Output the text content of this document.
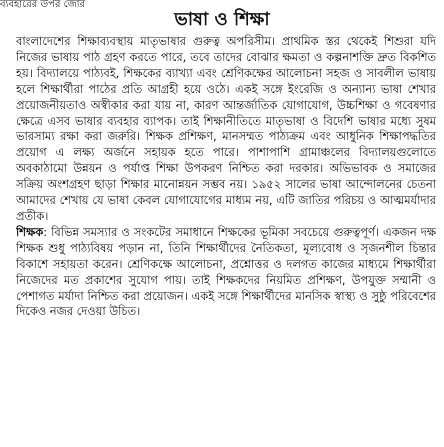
ব্যবহারের উপর জোর
ভাষা ও শিক্ষা

বাংলাদেশের শিক্ষাব্যবস্থায় মাতৃভাষার গুরুত্ব অপরিসীম। প্রাথমিক স্তর থেকেই শিশুরা যদি নিজের ভাষায় পাঠ গ্রহণ করতে পারে, তবে তাদের বোঝার ক্ষমতা ও কল্পনাশক্তি দ্রুত বিকশিত হয়। বিদ্যালয়ে পাঠ্যবই, শিক্ষকের ব্যাখ্যা এবং শ্রেণিকক্ষের আলোচনা সহজ ও সাবলীল ভাষায় হলে শিক্ষার্থীরা পাঠের প্রতি আগ্রহী হয়ে ওঠে। একই সঙ্গে ইংরেজি ও অন্যান্য ভাষা শেখার প্রয়োজনীয়তাও অস্বীকার করা যায় না, কারণ আন্তর্জাতিক যোগাযোগ, উচ্চশিক্ষা ও গবেষণার ক্ষেত্রে এসব ভাষার ব্যবহার ব্যাপক। তাই শিক্ষানীতিতে মাতৃভাষা ও বিদেশি ভাষার মধ্যে সুষম ভারসাম্য রক্ষা করা জরুরি। শিক্ষক প্রশিক্ষণ, মানসম্মত পাঠ্যক্রম এবং আধুনিক শিক্ষাপদ্ধতির প্রয়োগ এ লক্ষ্য অর্জনে সহায়ক হতে পারে। পাশাপাশি গ্রামাঞ্চলের বিদ্যালয়গুলোতে অবকাঠামো উন্নয়ন ও পর্যাপ্ত শিক্ষা উপকরণ নিশ্চিত করা দরকার। অভিভাবক ও সমাজের সক্রিয় অংশগ্রহণ ছাড়া শিক্ষার মানোন্নয়ন সম্ভব নয়। ১৯৫২ সালের ভাষা আন্দোলনের চেতনা আমাদের শেখায় যে ভাষা কেবল যোগাযোগের মাধ্যম নয়, এটি জাতির পরিচয় ও আত্মমর্যাদার প্রতীক।

শিক্ষক: বিভিন্ন সমস্যার ও সংকটের সমাধানে শিক্ষকের ভূমিকা সবচেয়ে গুরুত্বপূর্ণ। একজন দক্ষ শিক্ষক শুধু পাঠ্যবিষয় পড়ান না, তিনি শিক্ষার্থীদের নৈতিকতা, মূল্যবোধ ও সৃজনশীল চিন্তার বিকাশে সহায়তা করেন। শ্রেণিকক্ষে আলোচনা, প্রশ্নোত্তর ও দলগত কাজের মাধ্যমে শিক্ষার্থীরা নিজেদের মত প্রকাশের সুযোগ পায়। তাই শিক্ষকদের নিয়মিত প্রশিক্ষণ, উপযুক্ত সম্মানী ও পেশাগত মর্যাদা নিশ্চিত করা প্রয়োজন। একই সঙ্গে শিক্ষার্থীদের মানসিক স্বাস্থ্য ও সুষ্ঠু পরিবেশের দিকেও নজর দেওয়া উচিত।
